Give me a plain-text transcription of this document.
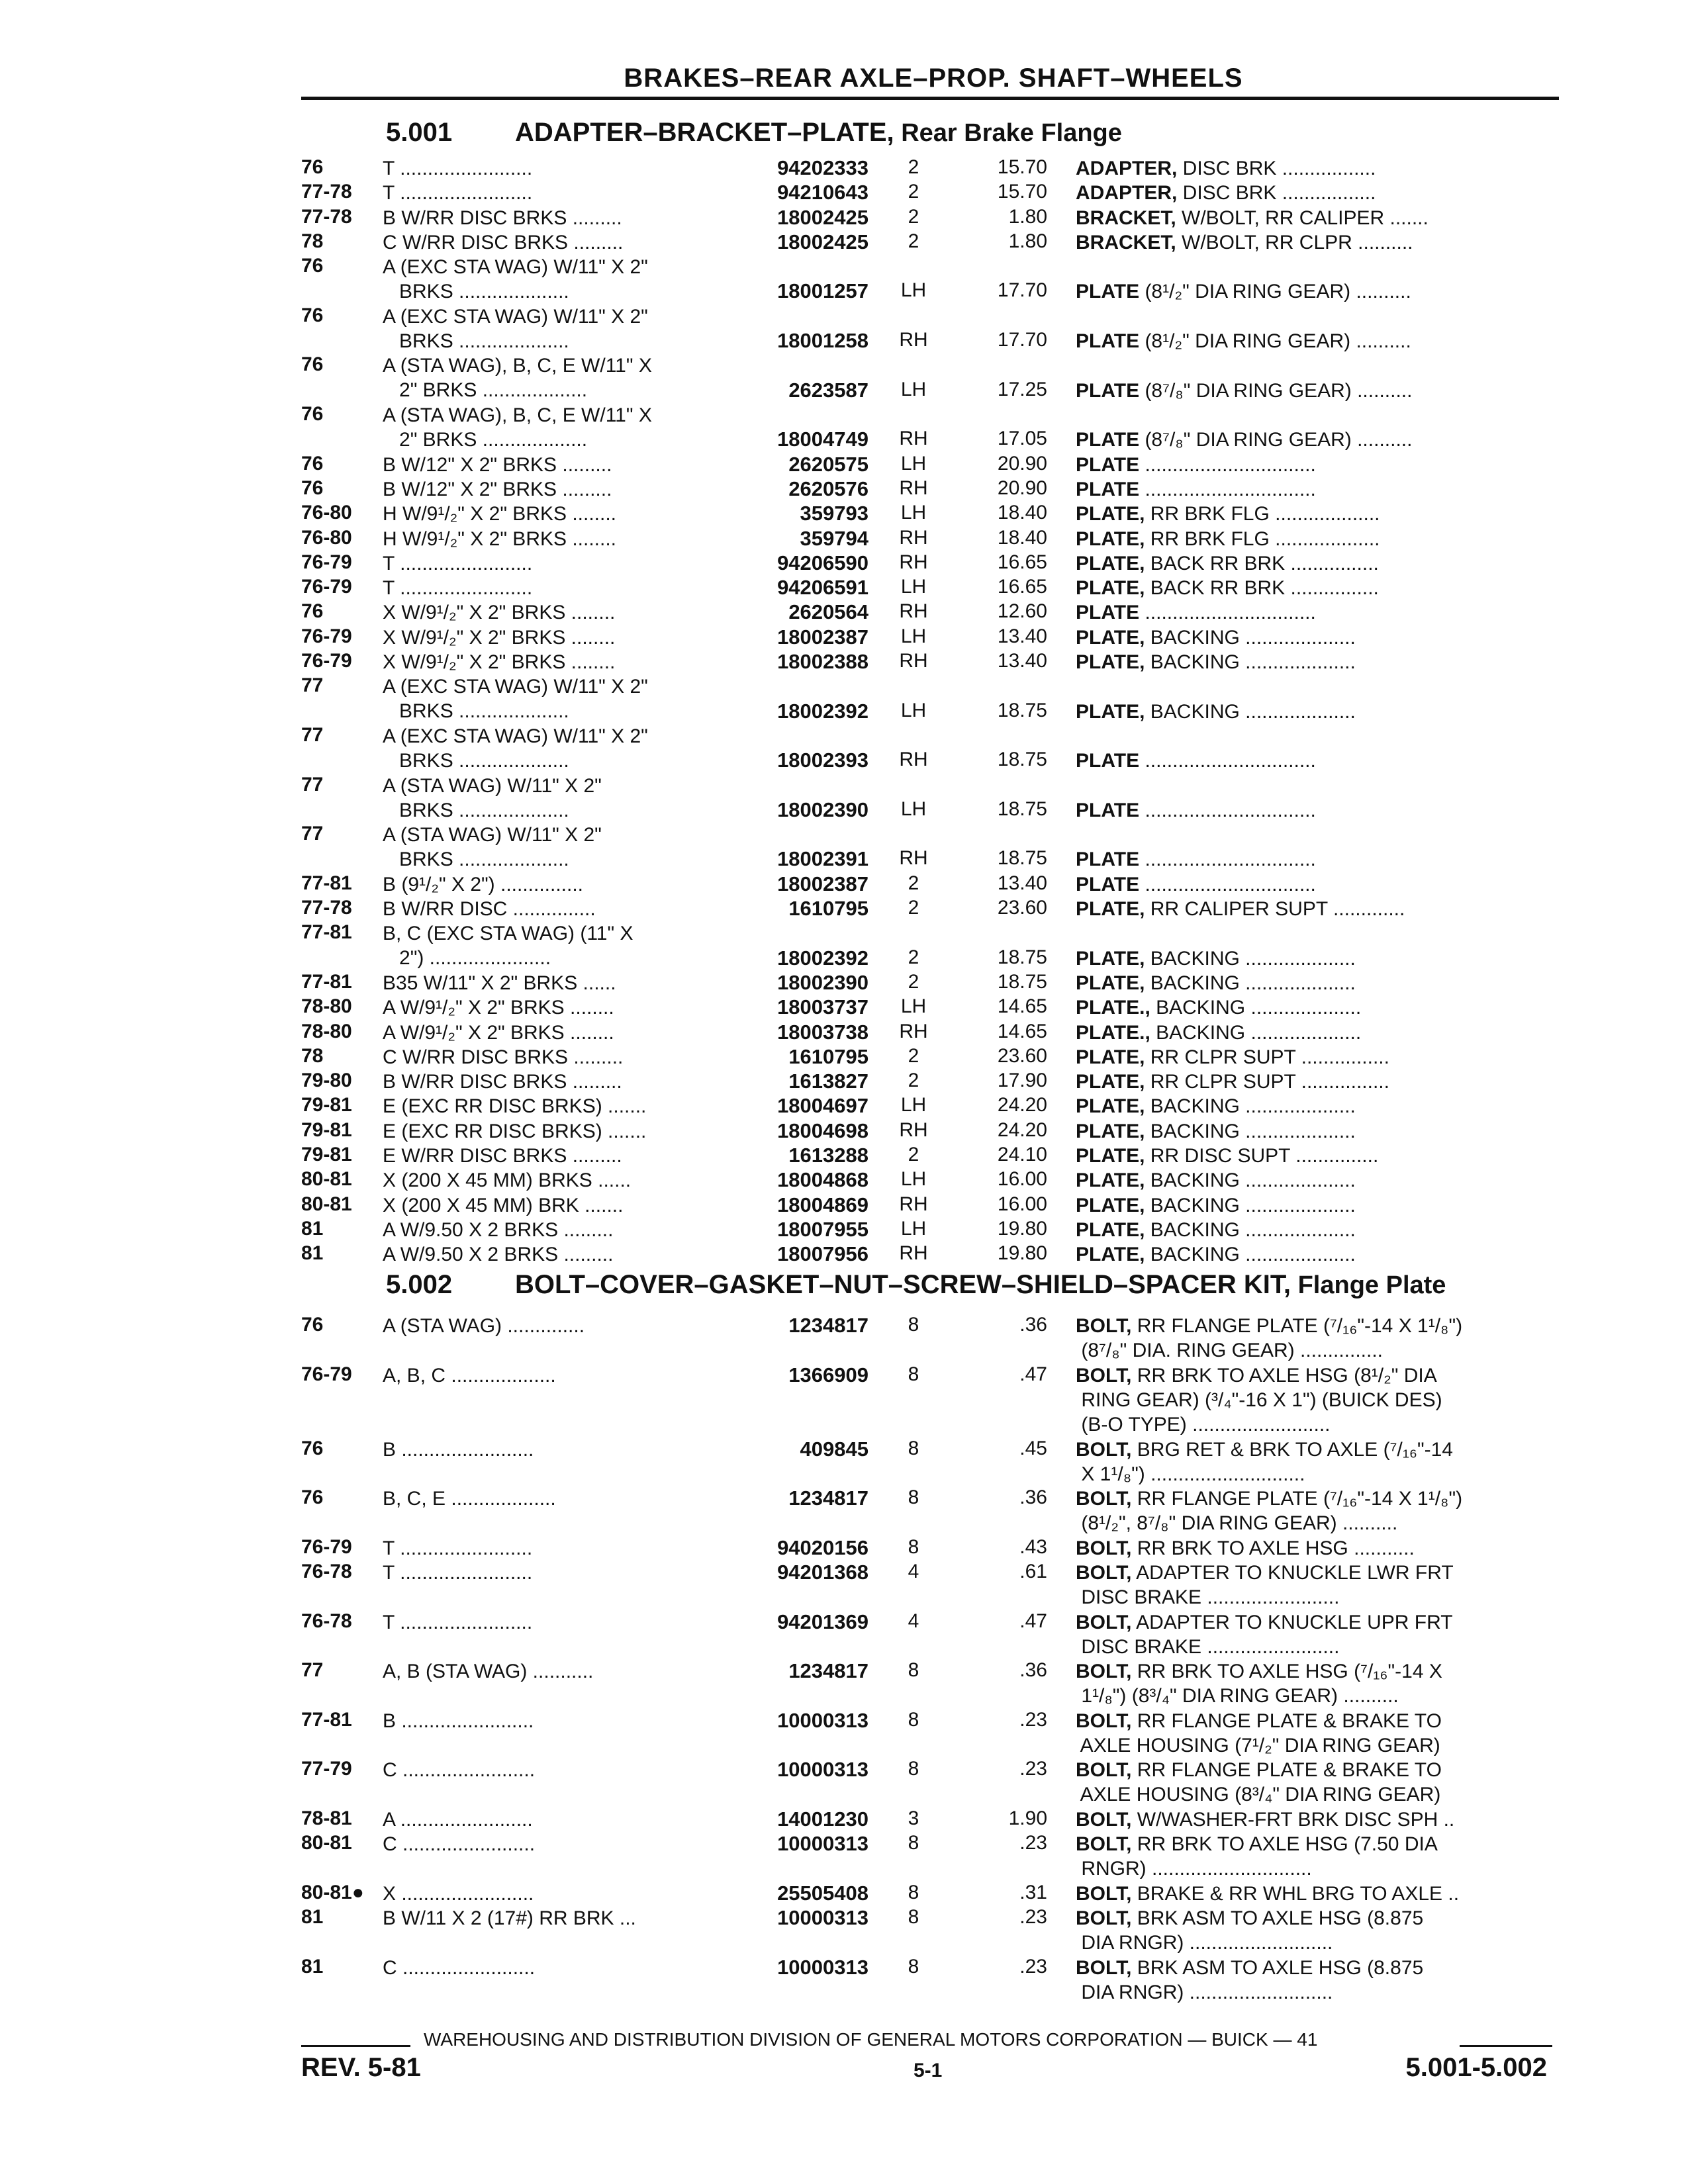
BRAKES–REAR AXLE–PROP. SHAFT–WHEELS
5.001 ADAPTER–BRACKET–PLATE, Rear Brake Flange
76	T ........................	94202333	2	15.70 ADAPTER, DISC BRK .................
77-78 T ........................	94210643	2	15.70 ADAPTER, DISC BRK .................
77-78 B W/RR DISC BRKS .........	18002425	2	1.80 BRACKET, W/BOLT, RR CALIPER .......
78	C W/RR DISC BRKS .........	18002425	2	1.80 BRACKET, W/BOLT, RR CLPR ..........
76	A (EXC STA WAG) W/11" X 2"
BRKS ....................	18001257	LH	17.70 PLATE (8¹/₂" DIA RING GEAR) ..........
76	A (EXC STA WAG) W/11" X 2"
BRKS ....................	18001258	RH	17.70 PLATE (8¹/₂" DIA RING GEAR) ..........
76	A (STA WAG), B, C, E W/11" X
2" BRKS ...................	2623587	LH	17.25 PLATE (8⁷/₈" DIA RING GEAR) ..........
76	A (STA WAG), B, C, E W/11" X
2" BRKS ...................	18004749	RH	17.05 PLATE (8⁷/₈" DIA RING GEAR) ..........
76	B W/12" X 2" BRKS .........	2620575	LH	20.90 PLATE ...............................
76	B W/12" X 2" BRKS .........	2620576	RH	20.90 PLATE ...............................
76-80 H W/9¹/₂" X 2" BRKS ........	359793	LH	18.40 PLATE, RR BRK FLG ...................
76-80 H W/9¹/₂" X 2" BRKS ........	359794	RH	18.40 PLATE, RR BRK FLG ...................
76-79 T ........................	94206590	RH	16.65 PLATE, BACK RR BRK ................
76-79 T ........................	94206591	LH	16.65 PLATE, BACK RR BRK ................
76	X W/9¹/₂" X 2" BRKS ........	2620564	RH	12.60 PLATE ...............................
76-79 X W/9¹/₂" X 2" BRKS ........	18002387	LH	13.40 PLATE, BACKING ....................
76-79 X W/9¹/₂" X 2" BRKS ........	18002388	RH	13.40 PLATE, BACKING ....................
77	A (EXC STA WAG) W/11" X 2"
BRKS ....................	18002392	LH	18.75 PLATE, BACKING ....................
77	A (EXC STA WAG) W/11" X 2"
BRKS ....................	18002393	RH	18.75 PLATE ...............................
77	A (STA WAG) W/11" X 2"
BRKS ....................	18002390	LH	18.75 PLATE ...............................
77	A (STA WAG) W/11" X 2"
BRKS ....................	18002391	RH	18.75 PLATE ...............................
77-81 B (9¹/₂" X 2") ...............	18002387	2	13.40 PLATE ...............................
77-78 B W/RR DISC ...............	1610795	2	23.60 PLATE, RR CALIPER SUPT .............
77-81 B, C (EXC STA WAG) (11" X
2") ......................	18002392	2	18.75 PLATE, BACKING ....................
77-81 B35 W/11" X 2" BRKS ......	18002390	2	18.75 PLATE, BACKING ....................
78-80 A W/9¹/₂" X 2" BRKS ........	18003737	LH	14.65 PLATE., BACKING ....................
78-80 A W/9¹/₂" X 2" BRKS ........	18003738	RH	14.65 PLATE., BACKING ....................
78	C W/RR DISC BRKS .........	1610795	2	23.60 PLATE, RR CLPR SUPT ................
79-80 B W/RR DISC BRKS .........	1613827	2	17.90 PLATE, RR CLPR SUPT ................
79-81 E (EXC RR DISC BRKS) .......	18004697	LH	24.20 PLATE, BACKING ....................
79-81 E (EXC RR DISC BRKS) .......	18004698	RH	24.20 PLATE, BACKING ....................
79-81 E W/RR DISC BRKS .........	1613288	2	24.10 PLATE, RR DISC SUPT ...............
80-81 X (200 X 45 MM) BRKS ......	18004868	LH	16.00 PLATE, BACKING ....................
80-81 X (200 X 45 MM) BRK .......	18004869	RH	16.00 PLATE, BACKING ....................
81	A W/9.50 X 2 BRKS .........	18007955	LH	19.80 PLATE, BACKING ....................
81	A W/9.50 X 2 BRKS .........	18007956	RH	19.80 PLATE, BACKING ....................
5.002 BOLT–COVER–GASKET–NUT–SCREW–SHIELD–SPACER KIT, Flange Plate
76	A (STA WAG) ..............	1234817	8	.36 BOLT, RR FLANGE PLATE (⁷/₁₆"-14 X 1¹/₈")
(8⁷/₈" DIA. RING GEAR) ...............
76-79 A, B, C ...................	1366909	8	.47 BOLT, RR BRK TO AXLE HSG (8¹/₂" DIA
RING GEAR) (³/₄"-16 X 1") (BUICK DES)
(B-O TYPE) .........................
76	B ........................	409845	8	.45 BOLT, BRG RET & BRK TO AXLE (⁷/₁₆"-14
X 1¹/₈") ............................
76	B, C, E ...................	1234817	8	.36 BOLT, RR FLANGE PLATE (⁷/₁₆"-14 X 1¹/₈")
(8¹/₂", 8⁷/₈" DIA RING GEAR) ..........
76-79 T ........................	94020156	8	.43 BOLT, RR BRK TO AXLE HSG ...........
76-78 T ........................	94201368	4	.61 BOLT, ADAPTER TO KNUCKLE LWR FRT
DISC BRAKE ........................
76-78 T ........................	94201369	4	.47 BOLT, ADAPTER TO KNUCKLE UPR FRT
DISC BRAKE ........................
77	A, B (STA WAG) ...........	1234817	8	.36 BOLT, RR BRK TO AXLE HSG (⁷/₁₆"-14 X
1¹/₈") (8³/₄" DIA RING GEAR) ..........
77-81 B ........................	10000313	8	.23 BOLT, RR FLANGE PLATE & BRAKE TO
AXLE HOUSING (7¹/₂" DIA RING GEAR)
77-79 C ........................	10000313	8	.23 BOLT, RR FLANGE PLATE & BRAKE TO
AXLE HOUSING (8³/₄" DIA RING GEAR)
78-81 A ........................	14001230	3	1.90 BOLT, W/WASHER-FRT BRK DISC SPH ..
80-81 C ........................	10000313	8	.23 BOLT, RR BRK TO AXLE HSG (7.50 DIA
RNGR) .............................
80-81● X ........................	25505408	8	.31 BOLT, BRAKE & RR WHL BRG TO AXLE ..
81	B W/11 X 2 (17#) RR BRK ...	10000313	8	.23 BOLT, BRK ASM TO AXLE HSG (8.875
DIA RNGR) ..........................
81	C ........................	10000313	8	.23 BOLT, BRK ASM TO AXLE HSG (8.875
DIA RNGR) ..........................
WAREHOUSING AND DISTRIBUTION DIVISION OF GENERAL MOTORS CORPORATION — BUICK — 41
REV. 5-81	5-1	5.001-5.002
